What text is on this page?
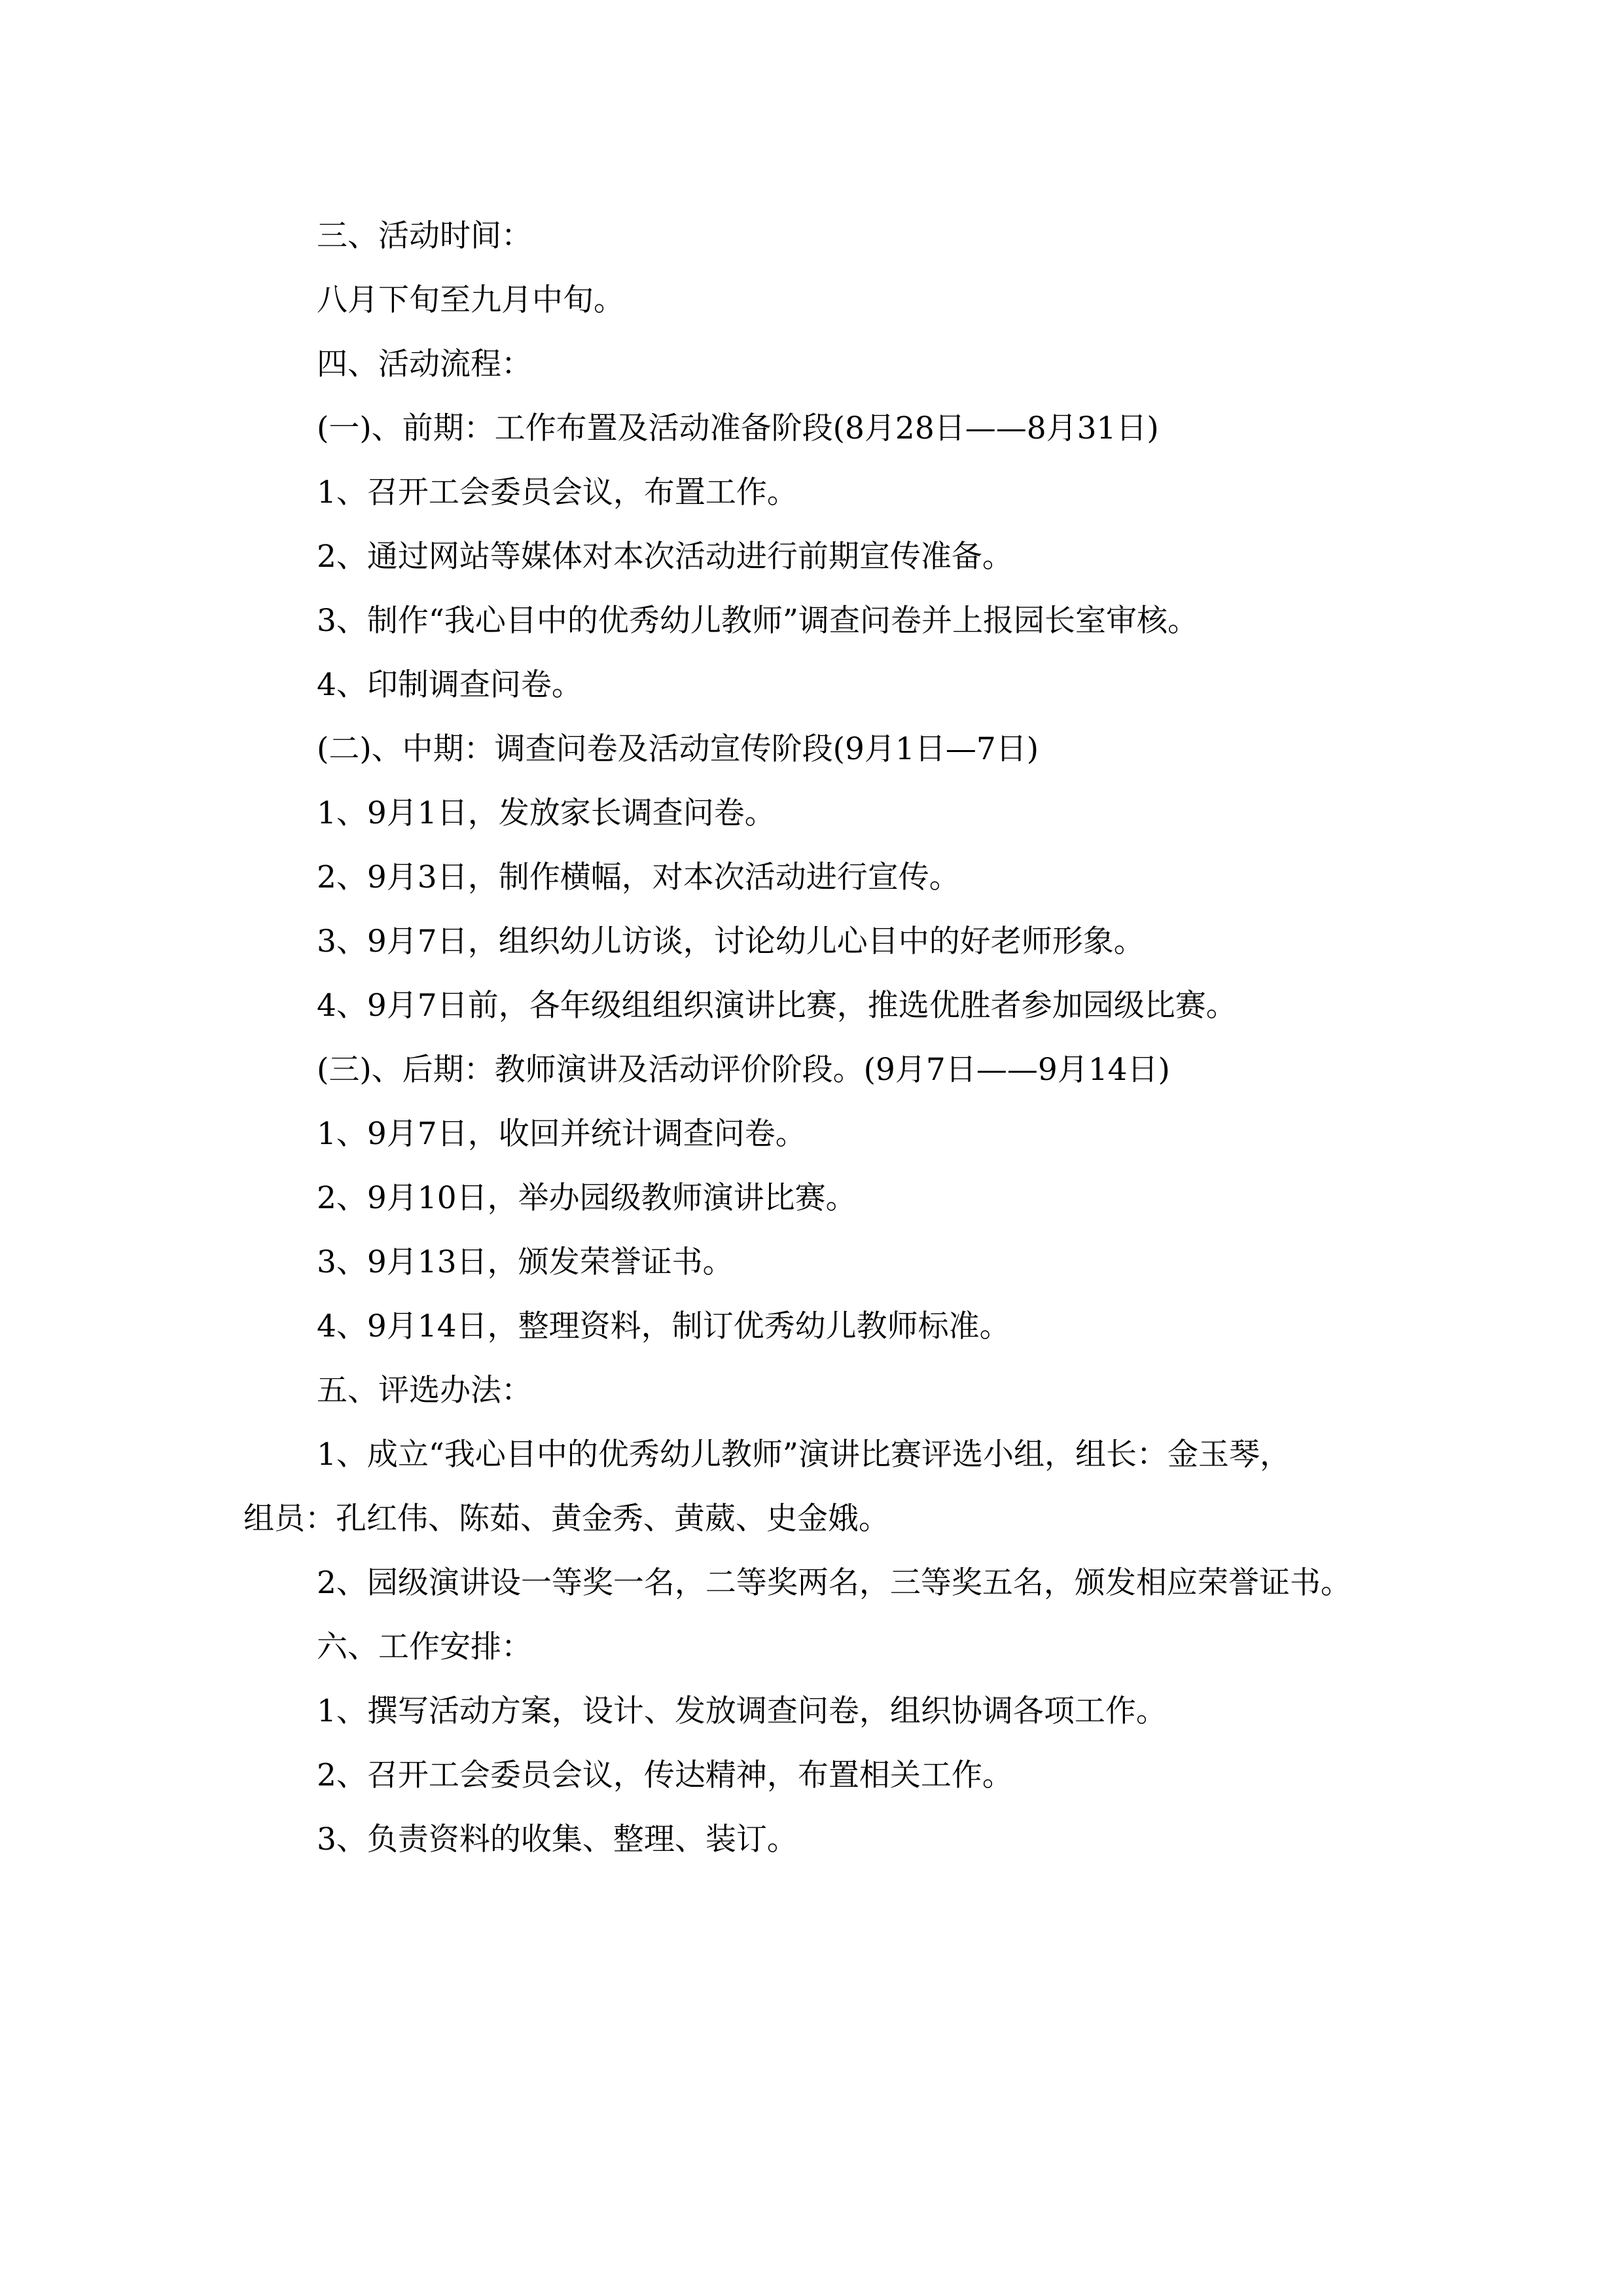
三、活动时间：
八月下旬至九月中旬。
四、活动流程：
(一)、前期：工作布置及活动准备阶段(8月28日——8月31日)
1、召开工会委员会议，布置工作。
2、通过网站等媒体对本次活动进行前期宣传准备。
3、制作“我心目中的优秀幼儿教师”调查问卷并上报园长室审核。
4、印制调查问卷。
(二)、中期：调查问卷及活动宣传阶段(9月1日—7日)
1、9月1日，发放家长调查问卷。
2、9月3日，制作横幅，对本次活动进行宣传。
3、9月7日，组织幼儿访谈，讨论幼儿心目中的好老师形象。
4、9月7日前，各年级组组织演讲比赛，推选优胜者参加园级比赛。
(三)、后期：教师演讲及活动评价阶段。(9月7日——9月14日)
1、9月7日，收回并统计调查问卷。
2、9月10日，举办园级教师演讲比赛。
3、9月13日，颁发荣誉证书。
4、9月14日，整理资料，制订优秀幼儿教师标准。
五、评选办法：
1、成立“我心目中的优秀幼儿教师”演讲比赛评选小组，组长：金玉琴，
组员：孔红伟、陈茹、黄金秀、黄葳、史金娥。
2、园级演讲设一等奖一名，二等奖两名，三等奖五名，颁发相应荣誉证书。
六、工作安排：
1、撰写活动方案，设计、发放调查问卷，组织协调各项工作。
2、召开工会委员会议，传达精神，布置相关工作。
3、负责资料的收集、整理、装订。
